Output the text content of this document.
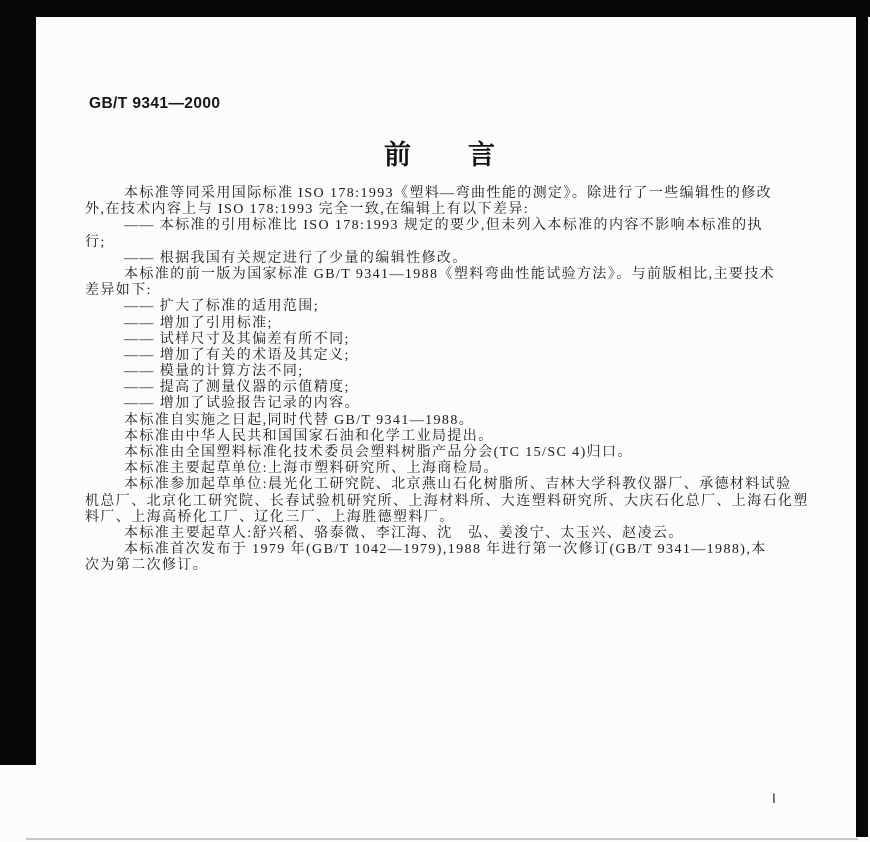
GB/T 9341—2000
前　　言
本标准等同采用国际标准 ISO 178:1993《塑料—弯曲性能的测定》。除进行了一些编辑性的修改
外,在技术内容上与 ISO 178:1993 完全一致,在编辑上有以下差异:
—— 本标准的引用标准比 ISO 178:1993 规定的要少,但未列入本标准的内容不影响本标准的执
行;
—— 根据我国有关规定进行了少量的编辑性修改。
本标准的前一版为国家标准 GB/T 9341—1988《塑料弯曲性能试验方法》。与前版相比,主要技术
差异如下:
—— 扩大了标准的适用范围;
—— 增加了引用标准;
—— 试样尺寸及其偏差有所不同;
—— 增加了有关的术语及其定义;
—— 模量的计算方法不同;
—— 提高了测量仪器的示值精度;
—— 增加了试验报告记录的内容。
本标准自实施之日起,同时代替 GB/T 9341—1988。
本标准由中华人民共和国国家石油和化学工业局提出。
本标准由全国塑料标准化技术委员会塑料树脂产品分会(TC 15/SC 4)归口。
本标准主要起草单位:上海市塑料研究所、上海商检局。
本标准参加起草单位:晨光化工研究院、北京燕山石化树脂所、吉林大学科教仪器厂、承德材料试验
机总厂、北京化工研究院、长春试验机研究所、上海材料所、大连塑料研究所、大庆石化总厂、上海石化塑
料厂、上海高桥化工厂、辽化三厂、上海胜德塑料厂。
本标准主要起草人:舒兴稻、骆泰微、李江海、沈　弘、姜浚宁、太玉兴、赵凌云。
本标准首次发布于 1979 年(GB/T 1042—1979),1988 年进行第一次修订(GB/T 9341—1988),本
次为第二次修订。
Ⅰ
